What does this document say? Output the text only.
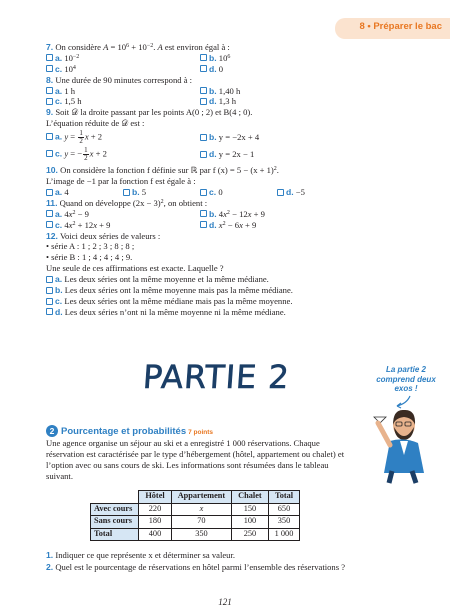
8 • Préparer le bac
7. On considère $A = 10^6 + 10^{-2}$. A est environ égal à :
a. $10^{-2}$	b. $10^6$
c. $10^4$	d. 0
8. Une durée de 90 minutes correspond à :
a. 1 h	b. 1,40 h
c. 1,5 h	d. 1,3 h
9. Soit 𝒟 la droite passant par les points A(0 ; 2) et B(4 ; 0).
L’équation réduite de 𝒟 est :
a. $y = \frac{1}{2}$ x + 2	b. y = −2x + 4
c. y = − $\frac{1}{2}$ x + 2	d. y = 2x − 1
10. On considère la fonction f définie sur ℝ par f $(x) = 5 - (x + 1)^2$.
L’image de −1 par la fonction f est égale à :
a. 4	b. 5	c. 0	d. −5
11. Quand on développe $(2x - 3)^2$, on obtient :
a. $4x^2 - 9$	b. $4x^2 - 12x + 9$
c. $4x^2 + 12x + 9$	d. $x^2 - 6x + 9$
12. Voici deux séries de valeurs :
• série A : 1 ; 2 ; 3 ; 8 ; 8 ;
• série B : 1 ; 4 ; 4 ; 4 ; 9.
Une seule de ces affirmations est exacte. Laquelle ?
a. Les deux séries ont la même moyenne et la même médiane.
b. Les deux séries ont la même moyenne mais pas la même médiane.
c. Les deux séries ont la même médiane mais pas la même moyenne.
d. Les deux séries n’ont ni la même moyenne ni la même médiane.
PARTIE 2	La partie 2 comprend deux exos !
2 Pourcentage et probabilités 7 points
Une agence organise un séjour au ski et a enregistré 1 000 réservations. Chaque réservation est caractérisée par le type d’hébergement (hôtel, appartement ou chalet) et l’option avec ou sans cours de ski. Les informations sont résumées dans le tableau suivant.
	Hôtel	Appartement	Chalet	Total
Avec cours	220	x	150	650
Sans cours	180	70	100	350
Total	400	350	250	1 000
1. Indiquer ce que représente x et déterminer sa valeur.
2. Quel est le pourcentage de réservations en hôtel parmi l’ensemble des réservations ?
121
